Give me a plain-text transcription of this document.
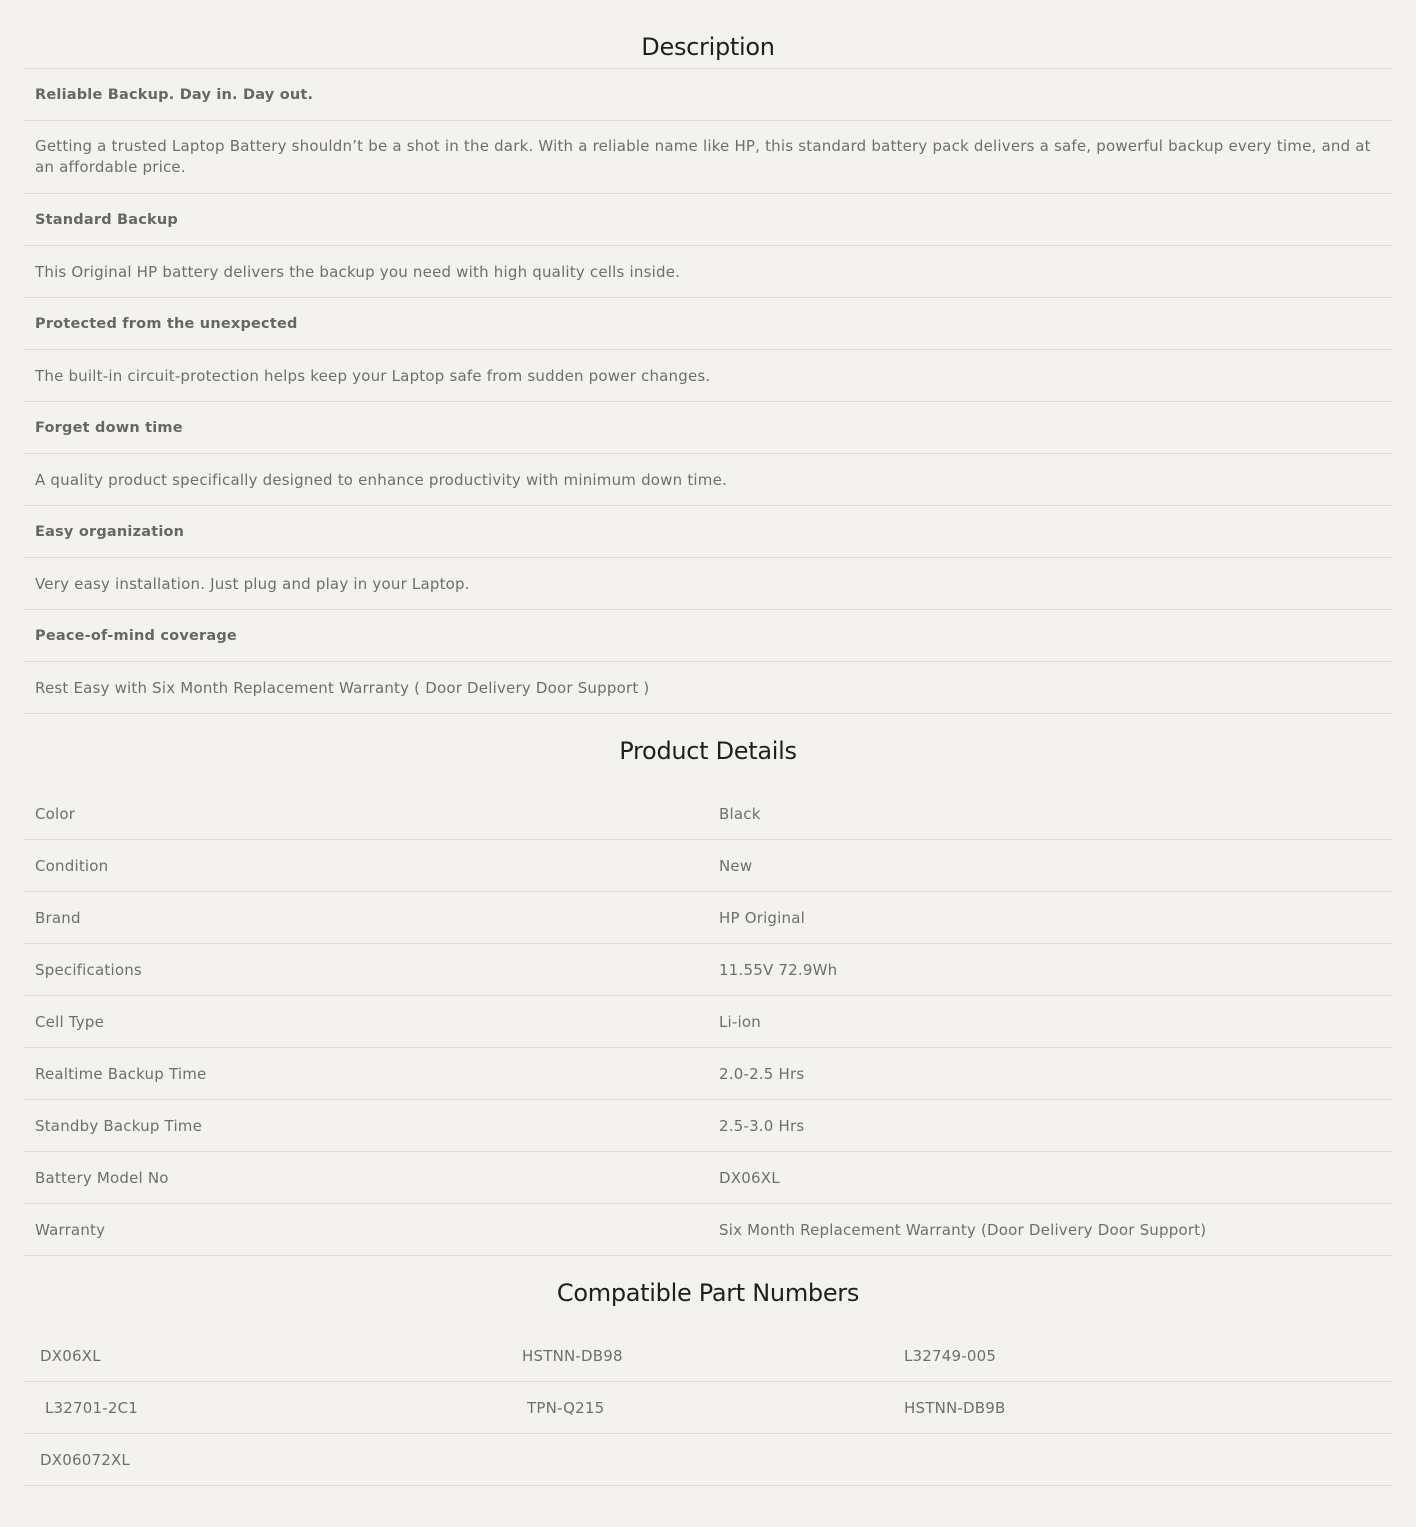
Description
Reliable Backup. Day in. Day out.
Getting a trusted Laptop Battery shouldn’t be a shot in the dark. With a reliable name like HP, this standard battery pack delivers a safe, powerful backup every time, and at an affordable price.
Standard Backup
This Original HP battery delivers the backup you need with high quality cells inside.
Protected from the unexpected
The built-in circuit-protection helps keep your Laptop safe from sudden power changes.
Forget down time
A quality product specifically designed to enhance productivity with minimum down time.
Easy organization
Very easy installation. Just plug and play in your Laptop.
Peace-of-mind coverage
Rest Easy with Six Month Replacement Warranty ( Door Delivery Door Support )
Product Details
Color	Black
Condition	New
Brand	HP Original
Specifications	11.55V 72.9Wh
Cell Type	Li-ion
Realtime Backup Time	2.0-2.5 Hrs
Standby Backup Time	2.5-3.0 Hrs
Battery Model No	DX06XL
Warranty	Six Month Replacement Warranty (Door Delivery Door Support)
Compatible Part Numbers
DX06XL	HSTNN-DB98	L32749-005
L32701-2C1	TPN-Q215	HSTNN-DB9B
DX06072XL		
